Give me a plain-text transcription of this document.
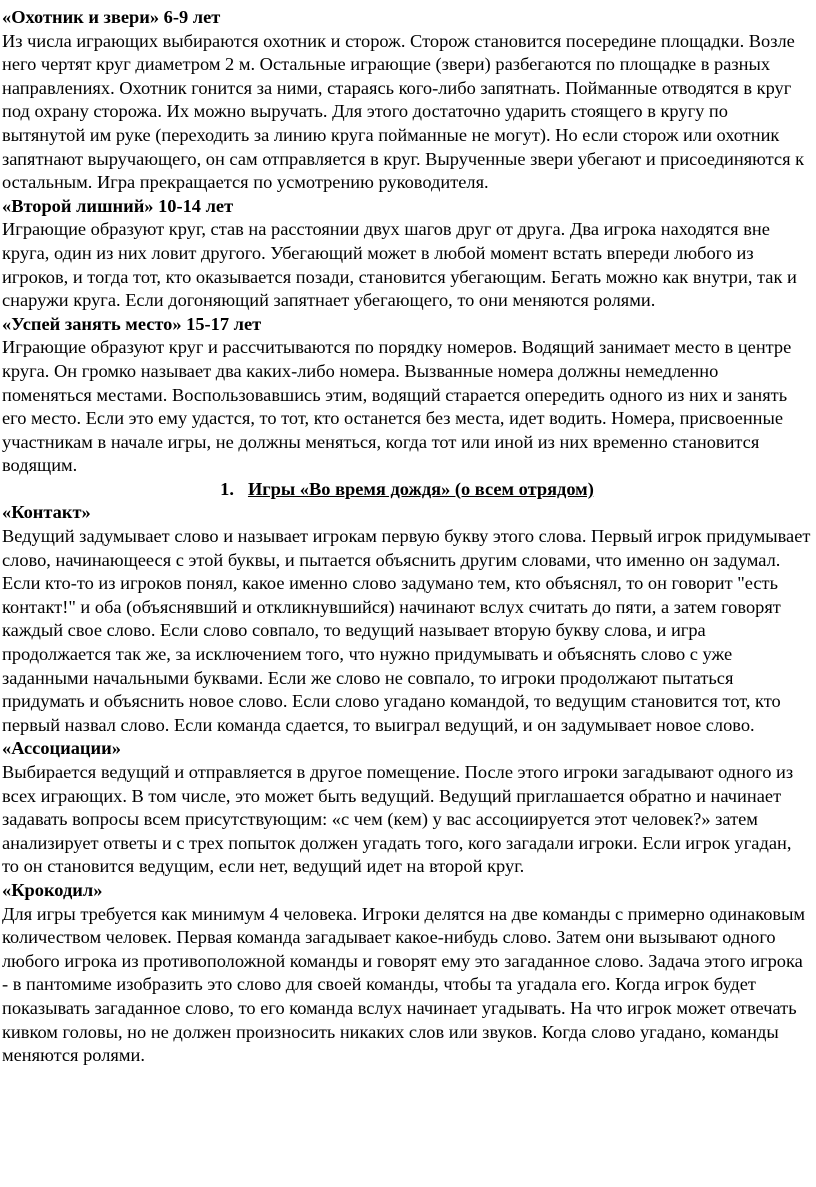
«Охотник и звери» 6-9 лет

Из числа играющих выбираются охотник и сторож. Сторож становится посередине площадки. Возле него чертят круг диаметром 2 м. Остальные играющие (звери) разбегаются по площадке в разных направлениях. Охотник гонится за ними, стараясь кого-либо запятнать. Пойманные отводятся в круг под охрану сторожа. Их можно выручать. Для этого достаточно ударить стоящего в кругу по вытянутой им руке (переходить за линию круга пойманные не могут). Но если сторож или охотник запятнают выручающего, он сам отправляется в круг. Вырученные звери убегают и присоединяются к остальным. Игра прекращается по усмотрению руководителя.

«Второй лишний» 10-14 лет

Играющие образуют круг, став на расстоянии двух шагов друг от друга. Два игрока находятся вне круга, один из них ловит другого. Убегающий может в любой момент встать впереди любого из игроков, и тогда тот, кто оказывается позади, становится убегающим. Бегать можно как внутри, так и снаружи круга. Если догоняющий запятнает убегающего, то они меняются ролями.

«Успей занять место» 15-17 лет

Играющие образуют круг и рассчитываются по порядку номеров. Водящий занимает место в центре круга. Он громко называет два каких-либо номера. Вызванные номера должны немедленно поменяться местами. Воспользовавшись этим, водящий старается опередить одного из них и занять его место. Если это ему удастся, то тот, кто останется без места, идет водить. Номера, присвоенные участникам в начале игры, не должны меняться, когда тот или иной из них временно становится водящим.

1. Игры «Во время дождя» (о всем отрядом)

«Контакт»

Ведущий задумывает слово и называет игрокам первую букву этого слова. Первый игрок придумывает слово, начинающееся с этой буквы, и пытается объяснить другим словами, что именно он задумал. Если кто-то из игроков понял, какое именно слово задумано тем, кто объяснял, то он говорит "есть контакт!" и оба (объяснявший и откликнувшийся) начинают вслух считать до пяти, а затем говорят каждый свое слово. Если слово совпало, то ведущий называет вторую букву слова, и игра продолжается так же, за исключением того, что нужно придумывать и объяснять слово с уже заданными начальными буквами. Если же слово не совпало, то игроки продолжают пытаться придумать и объяснить новое слово. Если слово угадано командой, то ведущим становится тот, кто первый назвал слово. Если команда сдается, то выиграл ведущий, и он задумывает новое слово.

«Ассоциации»

Выбирается ведущий и отправляется в другое помещение. После этого игроки загадывают одного из всех играющих. В том числе, это может быть ведущий. Ведущий приглашается обратно и начинает задавать вопросы всем присутствующим: «с чем (кем) у вас ассоциируется этот человек?» затем анализирует ответы и с трех попыток должен угадать того, кого загадали игроки. Если игрок угадан, то он становится ведущим, если нет, ведущий идет на второй круг.

«Крокодил»

Для игры требуется как минимум 4 человека. Игроки делятся на две команды с примерно одинаковым количеством человек. Первая команда загадывает какое-нибудь слово. Затем они вызывают одного любого игрока из противоположной команды и говорят ему это загаданное слово. Задача этого игрока - в пантомиме изобразить это слово для своей команды, чтобы та угадала его. Когда игрок будет показывать загаданное слово, то его команда вслух начинает угадывать. На что игрок может отвечать кивком головы, но не должен произносить никаких слов или звуков. Когда слово угадано, команды меняются ролями.
